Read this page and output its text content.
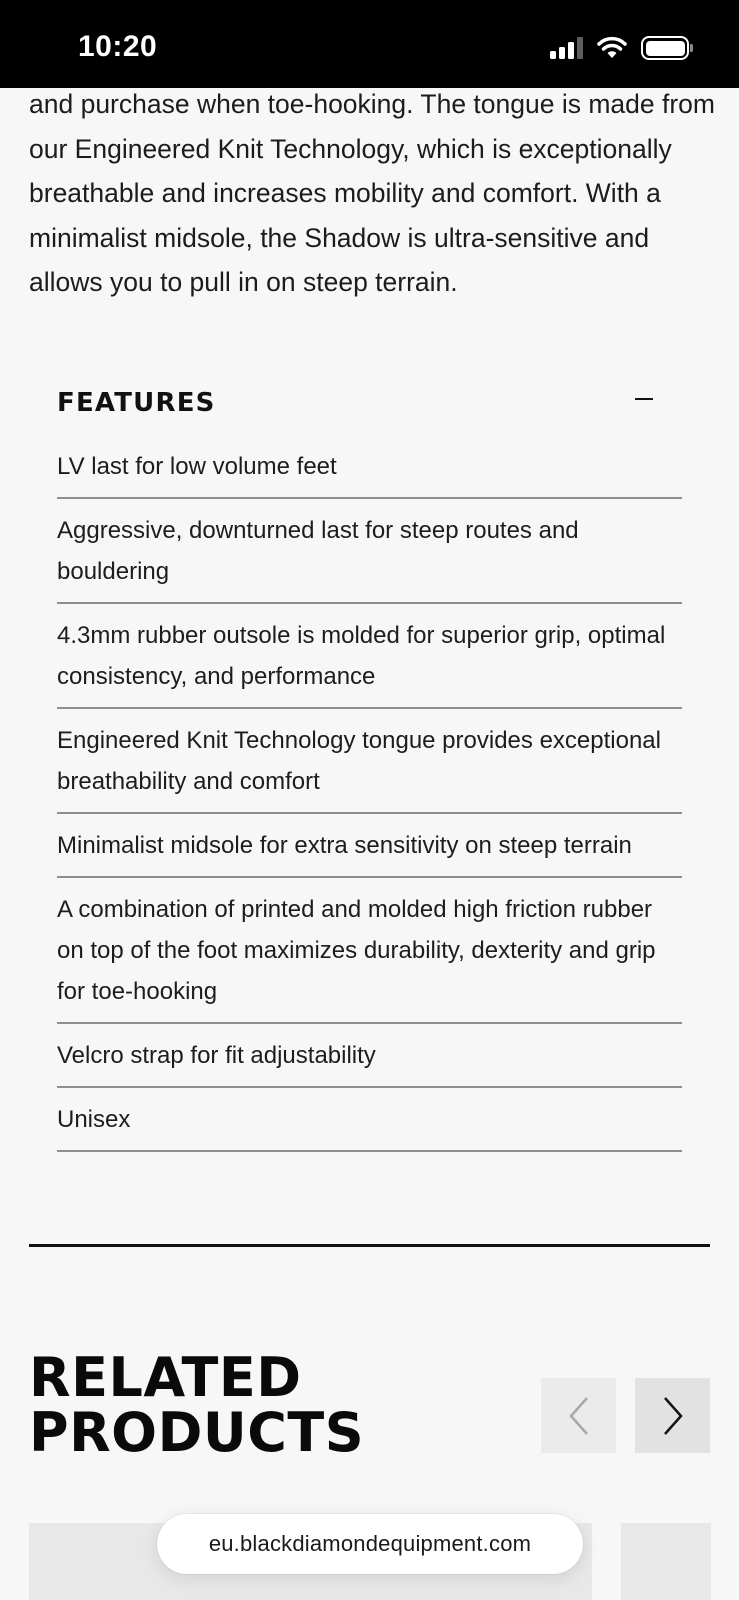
10:20

and purchase when toe-hooking. The tongue is made from our Engineered Knit Technology, which is exceptionally breathable and increases mobility and comfort. With a minimalist midsole, the Shadow is ultra-sensitive and allows you to pull in on steep terrain.

FEATURES
LV last for low volume feet
Aggressive, downturned last for steep routes and bouldering
4.3mm rubber outsole is molded for superior grip, optimal consistency, and performance
Engineered Knit Technology tongue provides exceptional breathability and comfort
Minimalist midsole for extra sensitivity on steep terrain
A combination of printed and molded high friction rubber on top of the foot maximizes durability, dexterity and grip for toe-hooking
Velcro strap for fit adjustability
Unisex
RELATED
PRODUCTS
eu.blackdiamondequipment.com
